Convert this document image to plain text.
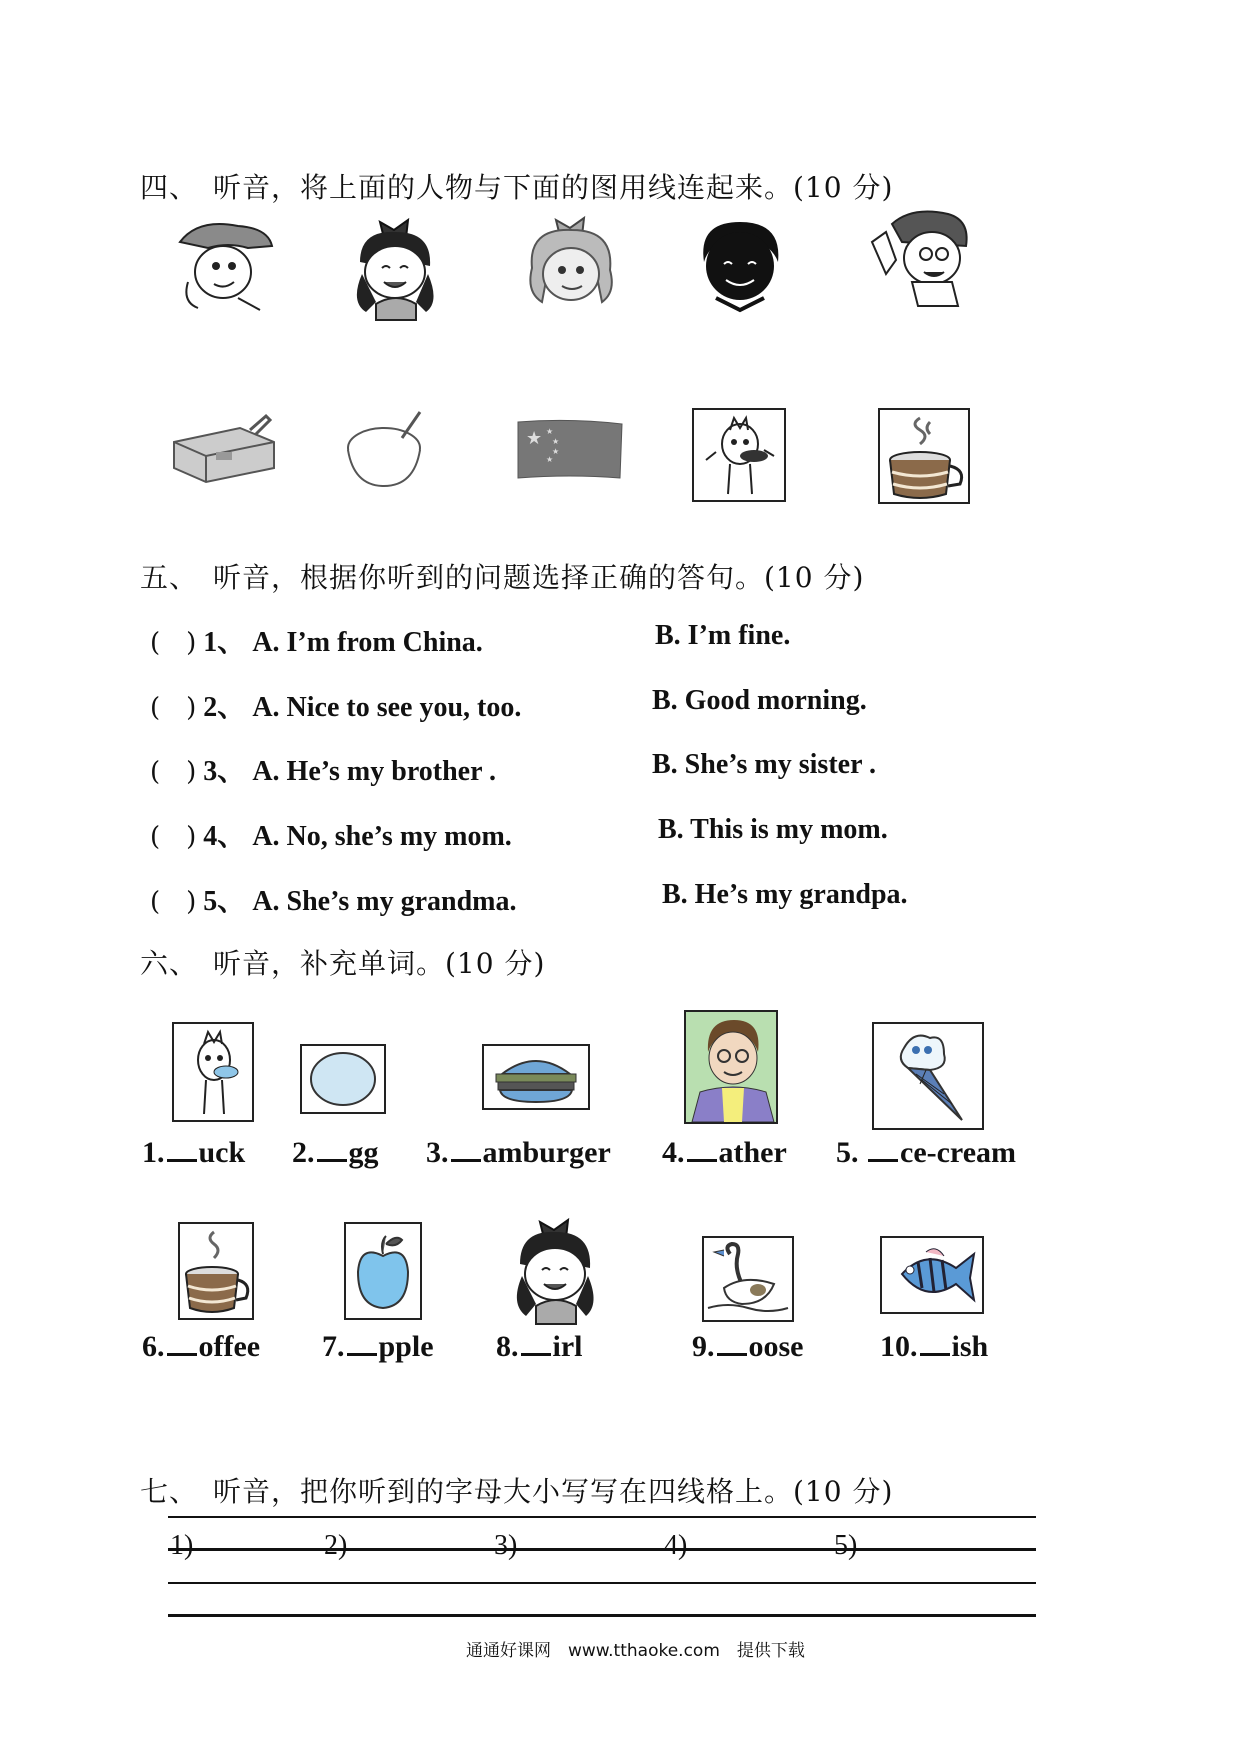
四、　听音，将上面的人物与下面的图用线连起来。(10 分)
★ ★
★
★
★
五、　听音，根据你听到的问题选择正确的答句。(10 分)
(　) 1、 A. I’m from China.	B. I’m fine.
(　) 2、 A. Nice to see you, too.	B. Good morning.
(　) 3、 A. He’s my brother .	B. She’s my sister .
(　) 4、 A. No, she’s my mom.	B. This is my mom.
(　) 5、 A. She’s my grandma.	B. He’s my grandpa.
六、　听音，补充单词。(10 分)
1. uck 2. gg 3. amburger 4. ather 5. ce-cream
6. offee 7. pple 8. irl	9. oose	10. ish
七、　听音，把你听到的字母大小写写在四线格上。(10 分)
1)	2)	3)	4)	5)
通通好课网　www.tthaoke.com　提供下载
